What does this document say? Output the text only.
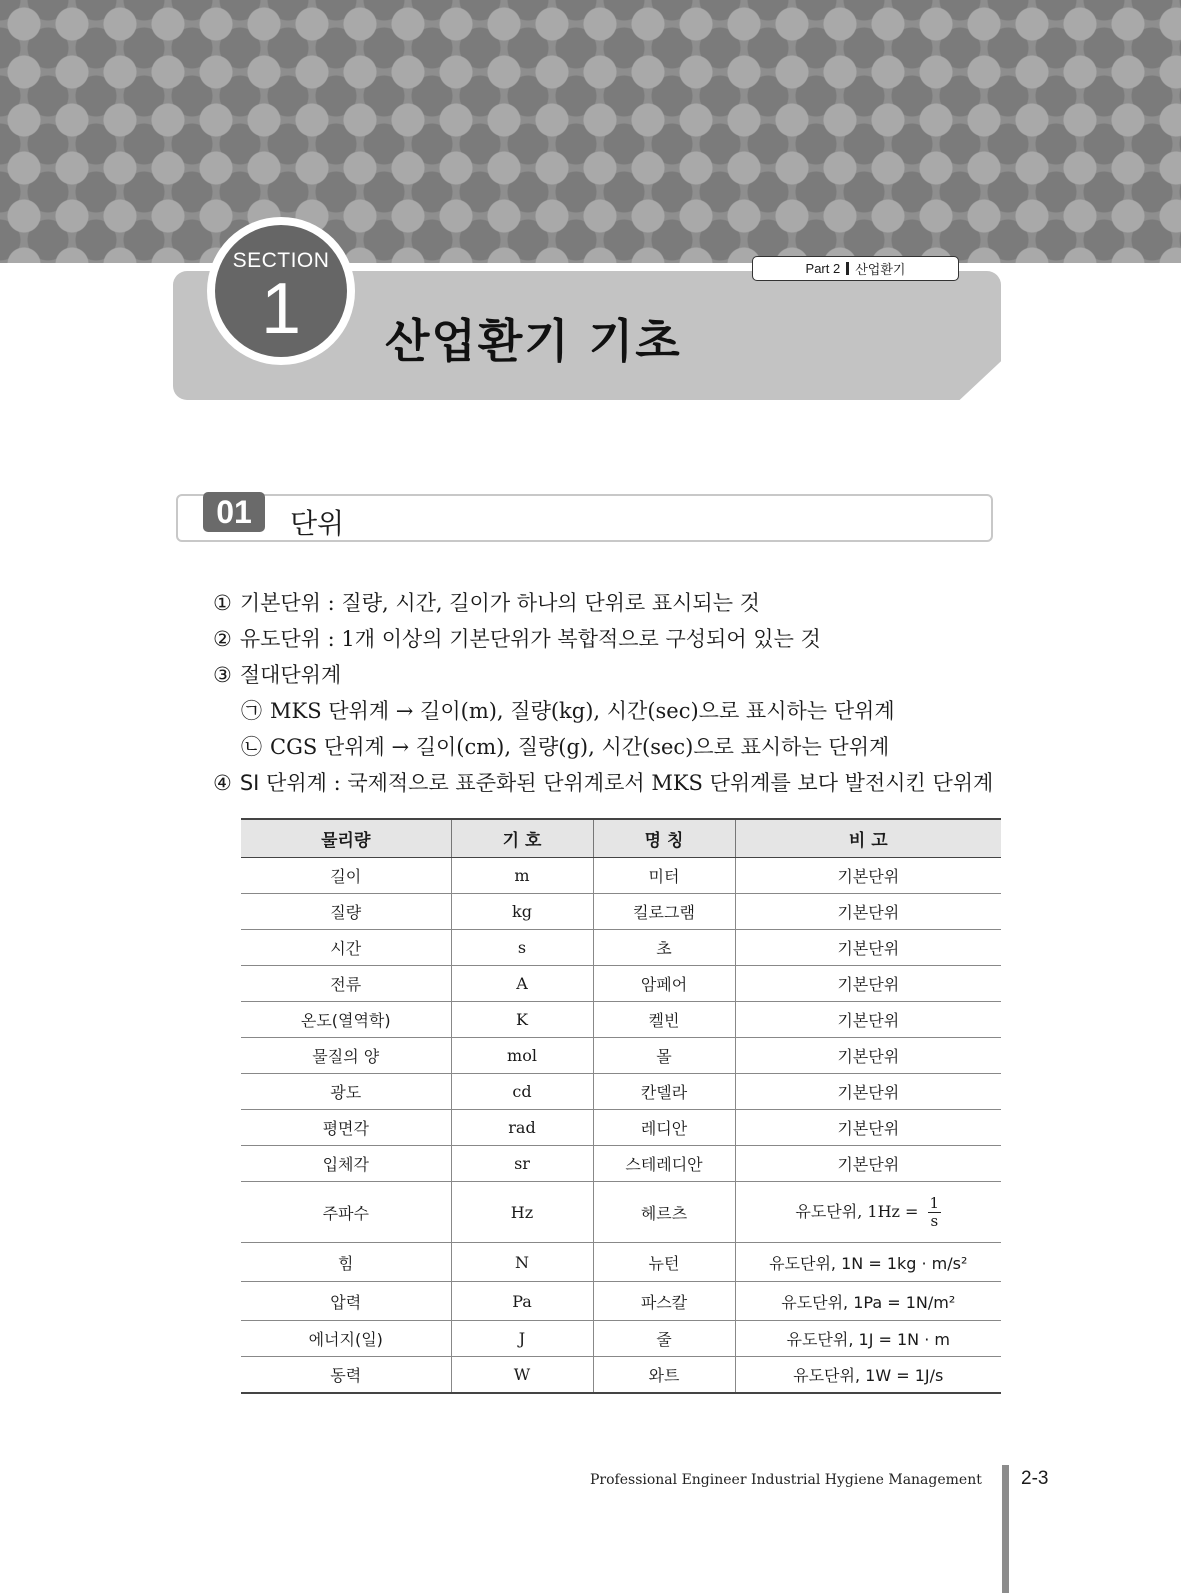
SECTION
1
Part 2 산업환기
산업환기 기초
01	단위
① 기본단위 : 질량, 시간, 길이가 하나의 단위로 표시되는 것
② 유도단위 : 1개 이상의 기본단위가 복합적으로 구성되어 있는 것
③ 절대단위계
㉠ MKS 단위계 → 길이(m), 질량(kg), 시간(sec)으로 표시하는 단위계
㉡ CGS 단위계 → 길이(cm), 질량(g), 시간(sec)으로 표시하는 단위계
④ SI 단위계 : 국제적으로 표준화된 단위계로서 MKS 단위계를 보다 발전시킨 단위계
물리량	기 호	명 칭	비 고
길이	m	미터	기본단위
질량	kg	킬로그램	기본단위
시간	s	초	기본단위
전류	A	암페어	기본단위
온도(열역학)	K	켈빈	기본단위
물질의 양	mol	몰	기본단위
광도	cd	칸델라	기본단위
평면각	rad	레디안	기본단위
입체각	sr	스테레디안	기본단위
주파수	Hz	헤르츠	유도단위, $1Hz = \frac{1}{s}$

힘	N	뉴턴	유도단위, 1N = 1kg · m/s²
압력	Pa	파스칼	유도단위, 1Pa = 1N/m²
에너지(일)	J	줄	유도단위, 1J = 1N · m
동력	W	와트	유도단위, 1W = 1J/s
Professional Engineer Industrial Hygiene Management 2-3
